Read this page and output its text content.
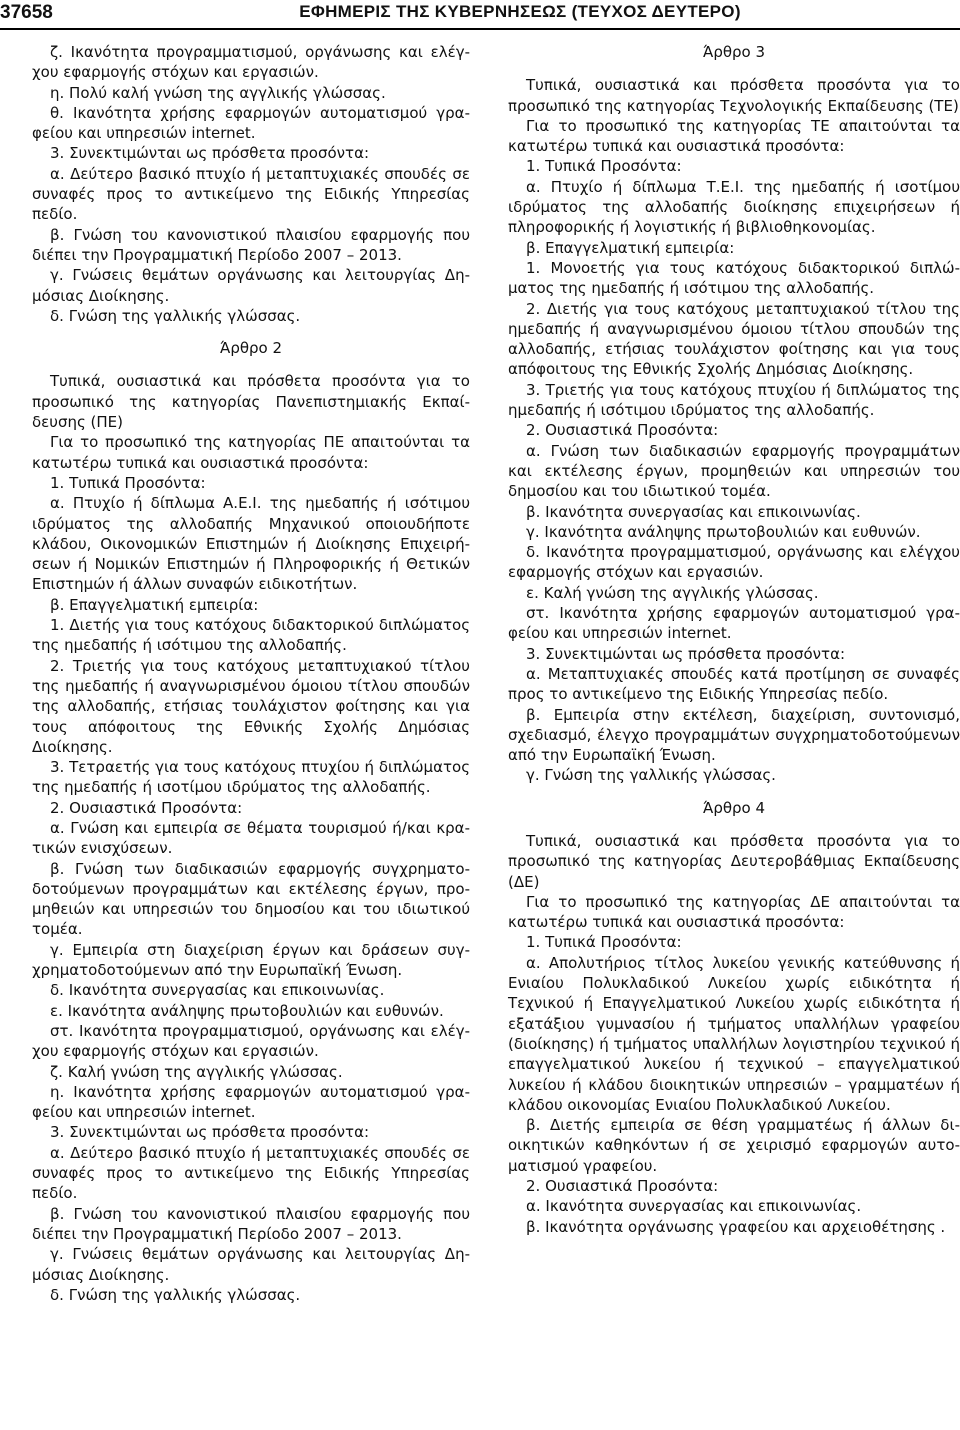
37658	ΕΦΗΜΕΡΙΣ ΤΗΣ ΚΥΒΕΡΝΗΣΕΩΣ (ΤΕΥΧΟΣ ΔΕΥΤΕΡΟ)

ζ. Ικανότητα προγραμματισμού, οργάνωσης και ελέγχου εφαρμογής στόχων και εργασιών.

η. Πολύ καλή γνώση της αγγλικής γλώσσας.

θ. Ικανότητα χρήσης εφαρμογών αυτοματισμού γραφείου και υπηρεσιών internet.

3. Συνεκτιμώνται ως πρόσθετα προσόντα:

α. Δεύτερο βασικό πτυχίο ή μεταπτυχιακές σπουδές σε συναφές προς το αντικείμενο της Ειδικής Υπηρεσίας πεδίο.

β. Γνώση του κανονιστικού πλαισίου εφαρμογής που διέπει την Προγραμματική Περίοδο 2007 – 2013.

γ. Γνώσεις θεμάτων οργάνωσης και λειτουργίας Δημόσιας Διοίκησης.

δ. Γνώση της γαλλικής γλώσσας.

Άρθρο 2

Τυπικά, ουσιαστικά και πρόσθετα προσόντα για το προσωπικό της κατηγορίας Πανεπιστημιακής Εκπαίδευσης (ΠΕ)

Για το προσωπικό της κατηγορίας ΠΕ απαιτούνται τα κατωτέρω τυπικά και ουσιαστικά προσόντα:

1. Τυπικά Προσόντα:

α. Πτυχίο ή δίπλωμα Α.Ε.Ι. της ημεδαπής ή ισότιμου ιδρύματος της αλλοδαπής Μηχανικού οποιουδήποτε κλάδου, Οικονομικών Επιστημών ή Διοίκησης Επιχειρήσεων ή Νομικών Επιστημών ή Πληροφορικής ή Θετικών Επιστημών ή άλλων συναφών ειδικοτήτων.

β. Επαγγελματική εμπειρία:

1. Διετής για τους κατόχους διδακτορικού διπλώματος της ημεδαπής ή ισότιμου της αλλοδαπής.

2. Τριετής για τους κατόχους μεταπτυχιακού τίτλου της ημεδαπής ή αναγνωρισμένου όμοιου τίτλου σπουδών της αλλοδαπής, ετήσιας τουλάχιστον φοίτησης και για τους απόφοιτους της Εθνικής Σχολής Δημόσιας Διοίκησης.

3. Τετραετής για τους κατόχους πτυχίου ή διπλώματος της ημεδαπής ή ισοτίμου ιδρύματος της αλλοδαπής.

2. Ουσιαστικά Προσόντα:

α. Γνώση και εμπειρία σε θέματα τουρισμού ή/και κρατικών ενισχύσεων.

β. Γνώση των διαδικασιών εφαρμογής συγχρηματοδοτούμενων προγραμμάτων και εκτέλεσης έργων, προμηθειών και υπηρεσιών του δημοσίου και του ιδιωτικού τομέα.

γ. Εμπειρία στη διαχείριση έργων και δράσεων συγχρηματοδοτούμενων από την Ευρωπαϊκή Ένωση.

δ. Ικανότητα συνεργασίας και επικοινωνίας.

ε. Ικανότητα ανάληψης πρωτοβουλιών και ευθυνών.

στ. Ικανότητα προγραμματισμού, οργάνωσης και ελέγχου εφαρμογής στόχων και εργασιών.

ζ. Καλή γνώση της αγγλικής γλώσσας.

η. Ικανότητα χρήσης εφαρμογών αυτοματισμού γραφείου και υπηρεσιών internet.

3. Συνεκτιμώνται ως πρόσθετα προσόντα:

α. Δεύτερο βασικό πτυχίο ή μεταπτυχιακές σπουδές σε συναφές προς το αντικείμενο της Ειδικής Υπηρεσίας πεδίο.

β. Γνώση του κανονιστικού πλαισίου εφαρμογής που διέπει την Προγραμματική Περίοδο 2007 – 2013.

γ. Γνώσεις θεμάτων οργάνωσης και λειτουργίας Δημόσιας Διοίκησης.

δ. Γνώση της γαλλικής γλώσσας.

Άρθρο 3

Τυπικά, ουσιαστικά και πρόσθετα προσόντα για το προσωπικό της κατηγορίας Τεχνολογικής Εκπαίδευσης (ΤΕ)

Για το προσωπικό της κατηγορίας ΤΕ απαιτούνται τα κατωτέρω τυπικά και ουσιαστικά προσόντα:

1. Τυπικά Προσόντα:

α. Πτυχίο ή δίπλωμα Τ.Ε.Ι. της ημεδαπής ή ισοτίμου ιδρύματος της αλλοδαπής διοίκησης επιχειρήσεων ή πληροφορικής ή λογιστικής ή βιβλιοθηκονομίας.

β. Επαγγελματική εμπειρία:

1. Μονοετής για τους κατόχους διδακτορικού διπλώματος της ημεδαπής ή ισότιμου της αλλοδαπής.

2. Διετής για τους κατόχους μεταπτυχιακού τίτλου της ημεδαπής ή αναγνωρισμένου όμοιου τίτλου σπουδών της αλλοδαπής, ετήσιας τουλάχιστον φοίτησης και για τους απόφοιτους της Εθνικής Σχολής Δημόσιας Διοίκησης.

3. Τριετής για τους κατόχους πτυχίου ή διπλώματος της ημεδαπής ή ισότιμου ιδρύματος της αλλοδαπής.

2. Ουσιαστικά Προσόντα:

α. Γνώση των διαδικασιών εφαρμογής προγραμμάτων και εκτέλεσης έργων, προμηθειών και υπηρεσιών του δημοσίου και του ιδιωτικού τομέα.

β. Ικανότητα συνεργασίας και επικοινωνίας.

γ. Ικανότητα ανάληψης πρωτοβουλιών και ευθυνών.

δ. Ικανότητα προγραμματισμού, οργάνωσης και ελέγχου εφαρμογής στόχων και εργασιών.

ε. Καλή γνώση της αγγλικής γλώσσας.

στ. Ικανότητα χρήσης εφαρμογών αυτοματισμού γραφείου και υπηρεσιών internet.

3. Συνεκτιμώνται ως πρόσθετα προσόντα:

α. Μεταπτυχιακές σπουδές κατά προτίμηση σε συναφές προς το αντικείμενο της Ειδικής Υπηρεσίας πεδίο.

β. Εμπειρία στην εκτέλεση, διαχείριση, συντονισμό, σχεδιασμό, έλεγχο προγραμμάτων συγχρηματοδοτούμενων από την Ευρωπαϊκή Ένωση.

γ. Γνώση της γαλλικής γλώσσας.

Άρθρο 4

Τυπικά, ουσιαστικά και πρόσθετα προσόντα για το προσωπικό της κατηγορίας Δευτεροβάθμιας Εκπαίδευσης (ΔΕ)

Για το προσωπικό της κατηγορίας ΔΕ απαιτούνται τα κατωτέρω τυπικά και ουσιαστικά προσόντα:

1. Τυπικά Προσόντα:

α. Απολυτήριος τίτλος λυκείου γενικής κατεύθυνσης ή Ενιαίου Πολυκλαδικού Λυκείου χωρίς ειδικότητα ή Τεχνικού ή Επαγγελματικού Λυκείου χωρίς ειδικότητα ή εξατάξιου γυμνασίου ή τμήματος υπαλλήλων γραφείου (διοίκησης) ή τμήματος υπαλλήλων λογιστηρίου τεχνικού ή επαγγελματικού λυκείου ή τεχνικού – επαγγελματικού λυκείου ή κλάδου διοικητικών υπηρεσιών – γραμματέων ή κλάδου οικονομίας Ενιαίου Πολυκλαδικού Λυκείου.

β. Διετής εμπειρία σε θέση γραμματέως ή άλλων διοικητικών καθηκόντων ή σε χειρισμό εφαρμογών αυτοματισμού γραφείου.

2. Ουσιαστικά Προσόντα:

α. Ικανότητα συνεργασίας και επικοινωνίας.

β. Ικανότητα οργάνωσης γραφείου και αρχειοθέτησης .
